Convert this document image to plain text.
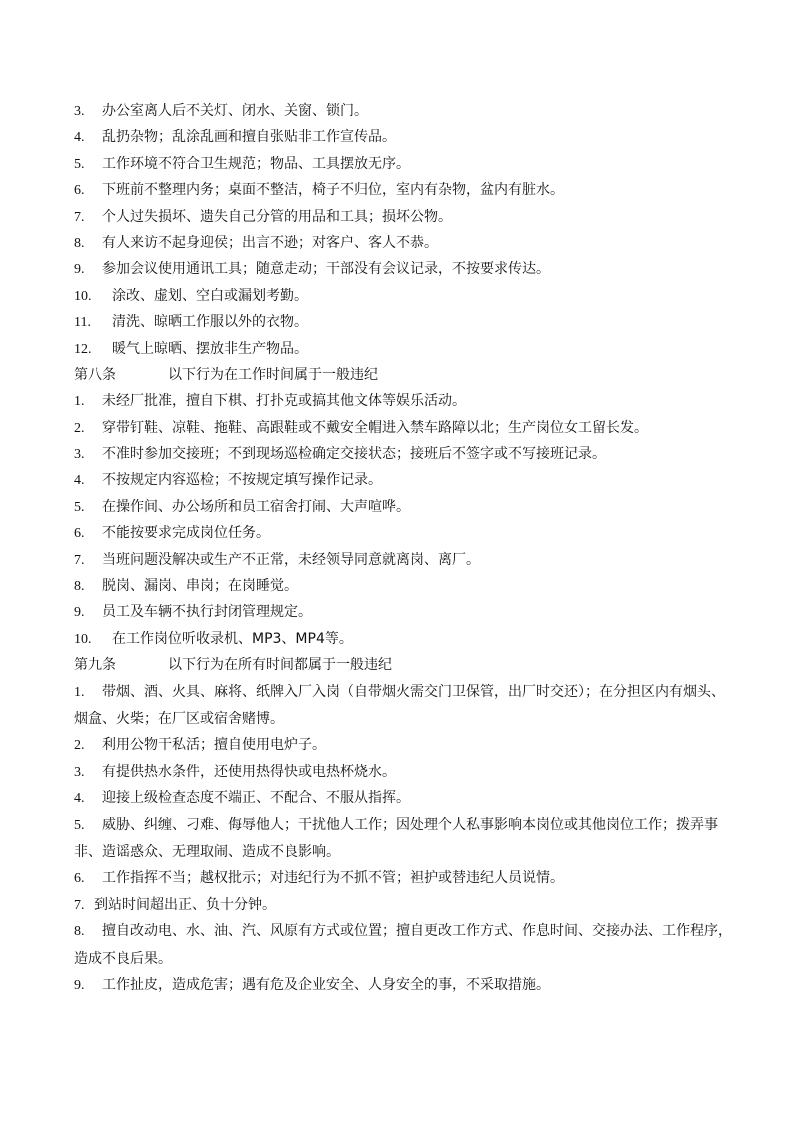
3. 办公室离人后不关灯、闭水、关窗、锁门。
4. 乱扔杂物；乱涂乱画和擅自张贴非工作宣传品。
5. 工作环境不符合卫生规范；物品、工具摆放无序。
6. 下班前不整理内务；桌面不整洁，椅子不归位，室内有杂物，盆内有脏水。
7. 个人过失损坏、遗失自己分管的用品和工具；损坏公物。
8. 有人来访不起身迎侯；出言不逊；对客户、客人不恭。
9. 参加会议使用通讯工具；随意走动；干部没有会议记录，不按要求传达。
10. 涂改、虚划、空白或漏划考勤。
11. 清洗、晾晒工作服以外的衣物。
12. 暖气上晾晒、摆放非生产物品。
第八条	以下行为在工作时间属于一般违纪
1. 未经厂批准，擅自下棋、打扑克或搞其他文体等娱乐活动。
2. 穿带钉鞋、凉鞋、拖鞋、高跟鞋或不戴安全帽进入禁车路障以北；生产岗位女工留长发。
3. 不准时参加交接班；不到现场巡检确定交接状态；接班后不签字或不写接班记录。
4. 不按规定内容巡检；不按规定填写操作记录。
5. 在操作间、办公场所和员工宿舍打闹、大声喧哗。
6. 不能按要求完成岗位任务。
7. 当班问题没解决或生产不正常，未经领导同意就离岗、离厂。
8. 脱岗、漏岗、串岗；在岗睡觉。
9. 员工及车辆不执行封闭管理规定。
10. 在工作岗位听收录机、MP3、MP4等。
第九条	以下行为在所有时间都属于一般违纪
1. 带烟、酒、火具、麻将、纸牌入厂入岗（自带烟火需交门卫保管，出厂时交还）；在分担区内有烟头、烟盒、火柴；在厂区或宿舍赌博。
2. 利用公物干私活；擅自使用电炉子。
3. 有提供热水条件，还使用热得快或电热杯烧水。
4. 迎接上级检查态度不端正、不配合、不服从指挥。
5. 威胁、纠缠、刁难、侮辱他人；干扰他人工作；因处理个人私事影响本岗位或其他岗位工作；拨弄事非、造谣惑众、无理取闹、造成不良影响。
6. 工作指挥不当；越权批示；对违纪行为不抓不管；袒护或替违纪人员说情。
7. 到站时间超出正、负十分钟。
8. 擅自改动电、水、油、汽、风原有方式或位置；擅自更改工作方式、作息时间、交接办法、工作程序，造成不良后果。
9. 工作扯皮，造成危害；遇有危及企业安全、人身安全的事，不采取措施。
